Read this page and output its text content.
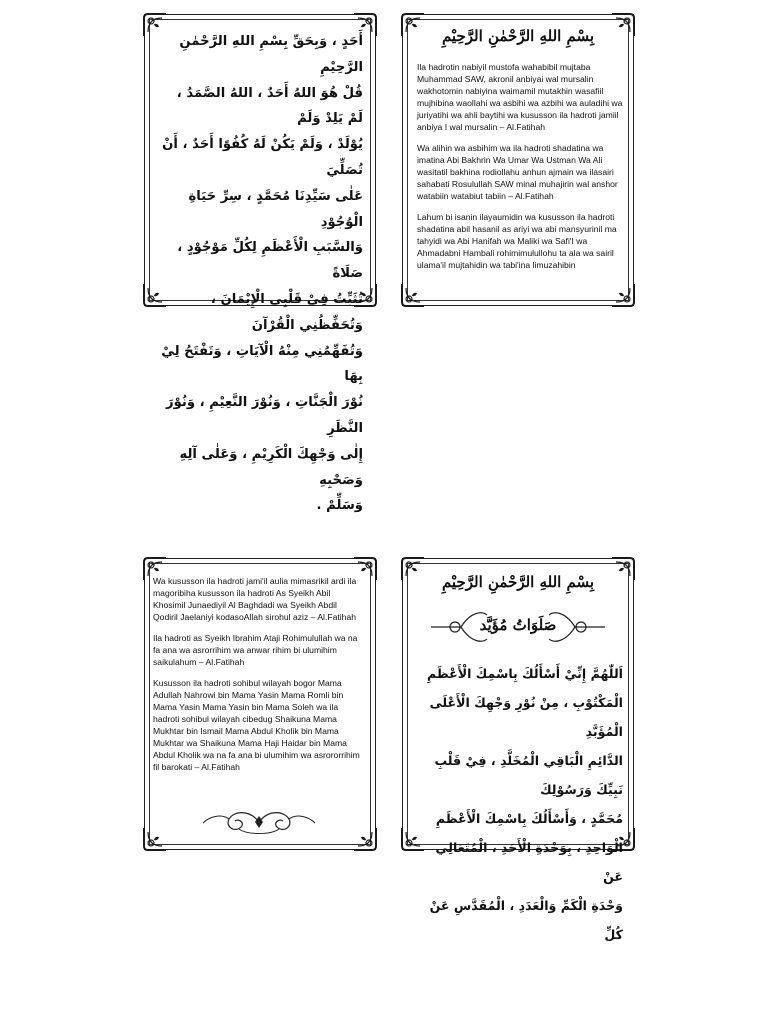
أَحَدٍ ، وَبِحَقِّ بِسْمِ اللهِ الرَّحْمٰنِ الرَّحِيْمِ
قُلْ هُوَ اللهُ أَحَدٌ ، اللهُ الصَّمَدُ ، لَمْ يَلِدْ وَلَمْ
يُوْلَدْ ، وَلَمْ يَكُنْ لَهُ كُفُوًا أَحَدٌ ، أَنْ تُصَلِّيَ
عَلٰى سَيِّدِنَا مُحَمَّدٍ ، سِرِّ حَيَاةِ الْوُجُوْدِ
وَالسَّبَبِ الْأَعْظَمِ لِكُلِّ مَوْجُوْدٍ ، صَلَاةً
تُثَبِّتُ فِيْ قَلْبِي الْإِيْمَانَ ، وَتُحَفِّظُنِي الْقُرْآنَ
وَتُفَهِّمُنِي مِنْهُ الْآيَاتِ ، وَتَفْتَحُ لِيْ بِهَا
نُوْرَ الْجَنَّاتِ ، وَنُوْرَ النَّعِيْمِ ، وَنُوْرَ النَّظَرِ
إِلٰى وَجْهِكَ الْكَرِيْمِ ، وَعَلٰى آلِهِ وَصَحْبِهِ
وَسَلِّمْ .
بِسْمِ اللهِ الرَّحْمٰنِ الرَّحِيْمِ

Ila hadrotin nabiyil mustofa wahabibil mujtaba Muhammad SAW, akronil anbiyai wal mursalin wakhotomin nabiyina waimamil mutakhin wasafiil mujhibina waollahi wa asbihi wa azbihi wa auladihi wa juriyatihi wa ahli baytihi wa kususson ila hadroti jamiil anbiya I wal mursalin – Al.Fatihah

Wa alihin wa asbihim wa ila hadroti shadatina wa imatina Abi Bakhrin Wa Umar Wa Ustman Wa Ali wasitatil bakhina rodiollahu anhun ajmain wa ilasairi sahabati Rosulullah SAW minal muhajirin wal anshor watabiin watabiut tabiin – Al.Fatihah

Lahum bi isanin ilayaumidin wa kususson ila hadroti shadatina abil hasanil as ariyi wa abi mansyurinil ma tahyidi wa Abi Hanifah wa Maliki wa Safi'I wa Ahmadabni Hambali rohimimulullohu ta ala wa sairil ulama'il mujtahidin wa tabi'ina limuzahibin

Wa kususson ila hadroti jami'il aulia mimasrikil ardi ila magoribiha kususson ila hadroti As Syeikh Abil Khosimil Junaediyil Al Baghdadi wa Syeikh Abdil Qodiril Jaelaniyi kodasoAllah sirohul aziz – Al.Fatihah

Ila hadroti as Syeikh Ibrahim Ataji Rohimulullah wa na fa ana wa asrorrihim wa anwar rihim bi ulumihim saikulahum – Al.Fatihah

Kususson ila hadroti sohibul wilayah bogor Mama Adullah Nahrowi bin Mama Yasin Mama Romli bin Mama Yasin Mama Yasin bin Mama Soleh wa ila hadroti sohibul wilayah cibedug Shaikuna Mama Mukhtar bin Ismail Mama Abdul Kholik bin Mama Mukhtar wa Shaikuna Mama Haji Haidar bin Mama Abdul Kholik wa na fa ana bi ulumihim wa asrororrihim fil barokati – Al.Fatihah

بِسْمِ اللهِ الرَّحْمٰنِ الرَّحِيْمِ
صَلَوَاتُ مُؤَيَّد
اَللّٰهُمَّ إِنِّيْ أَسْأَلُكَ بِاسْمِكَ الْأَعْظَمِ
الْمَكْتُوْبِ ، مِنْ نُوْرِ وَجْهِكَ الْأَعْلَى الْمُؤَبَّدِ
الدَّائِمِ الْبَاقِي الْمُخَلَّدِ ، فِيْ قَلْبِ نَبِيِّكَ وَرَسُوْلِكَ
مُحَمَّدٍ ، وَأَسْأَلُكَ بِاسْمِكَ الْأَعْظَمِ
الْوَاحِدِ ، بِوَحْدَةِ الْأَحَدِ ، الْمُتَعَالِي عَنْ
وَحْدَةِ الْكَمِّ وَالْعَدَدِ ، الْمُقَدَّسِ عَنْ كُلِّ
